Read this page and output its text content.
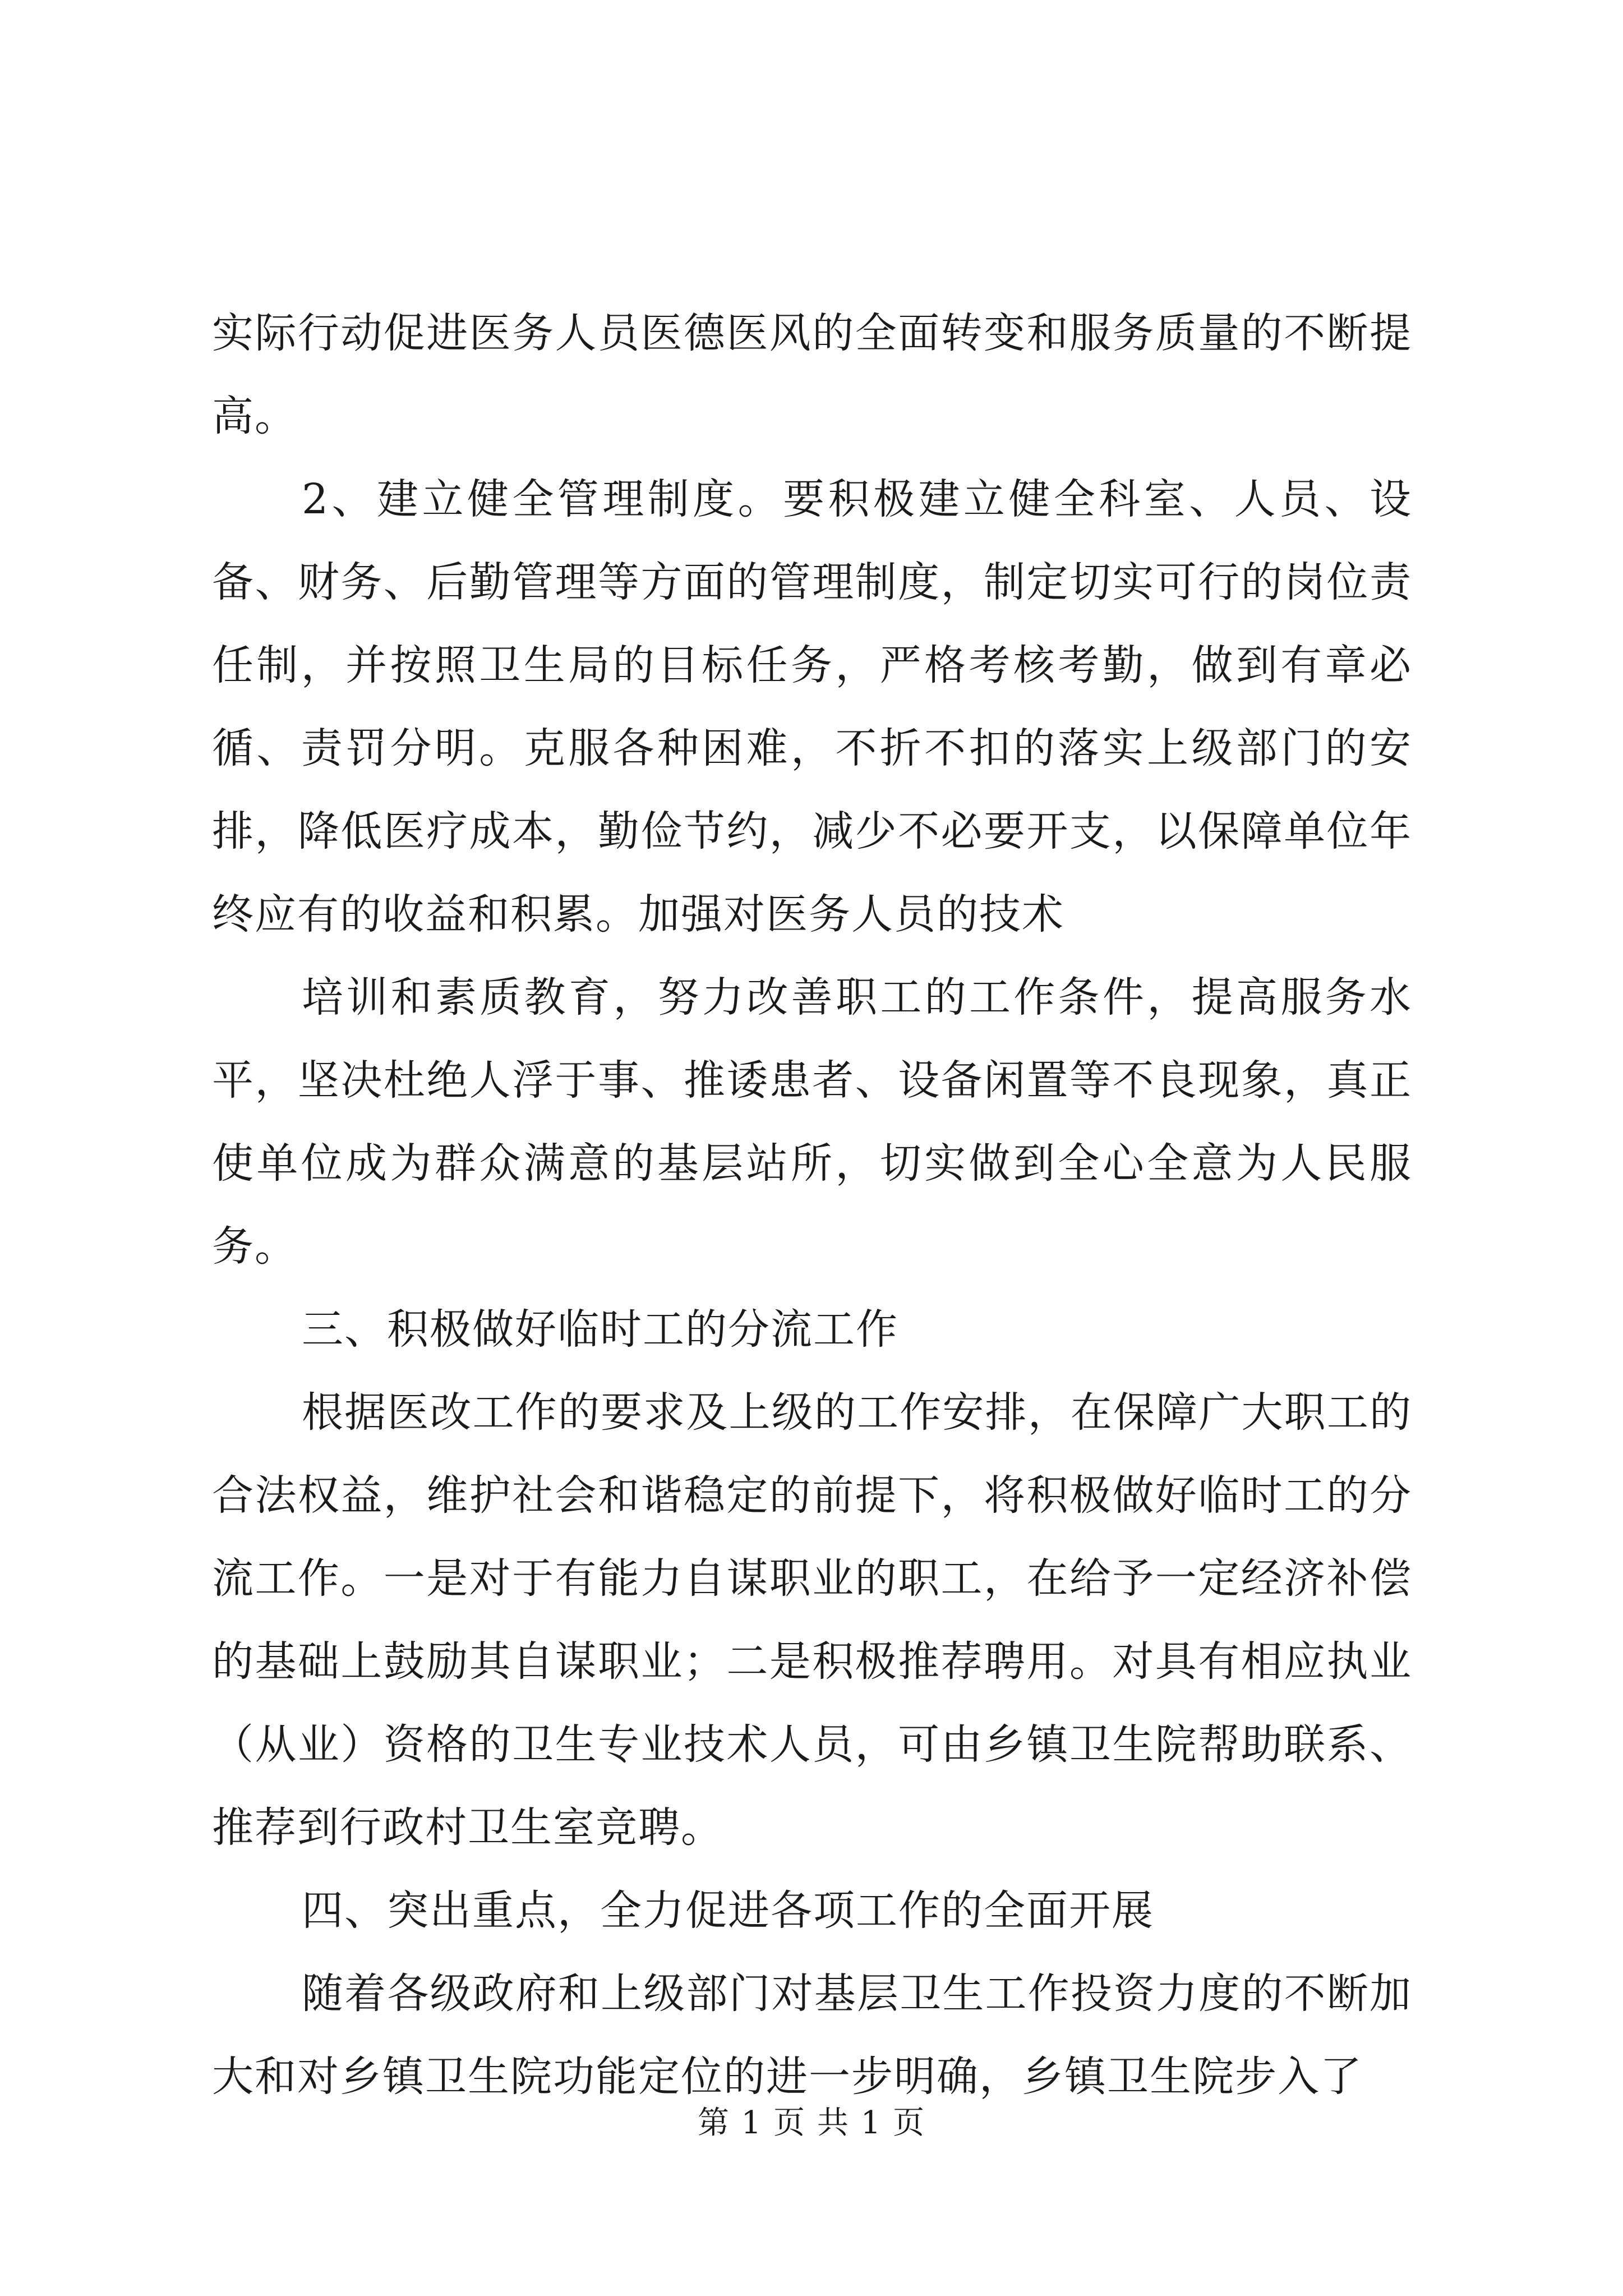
实际行动促进医务人员医德医风的全面转变和服务质量的不断提高。

2、建立健全管理制度。要积极建立健全科室、人员、设备、财务、后勤管理等方面的管理制度，制定切实可行的岗位责任制，并按照卫生局的目标任务，严格考核考勤，做到有章必循、责罚分明。克服各种困难，不折不扣的落实上级部门的安排，降低医疗成本，勤俭节约，减少不必要开支，以保障单位年终应有的收益和积累。加强对医务人员的技术

培训和素质教育，努力改善职工的工作条件，提高服务水平，坚决杜绝人浮于事、推诿患者、设备闲置等不良现象，真正使单位成为群众满意的基层站所，切实做到全心全意为人民服务。

三、积极做好临时工的分流工作

根据医改工作的要求及上级的工作安排，在保障广大职工的合法权益，维护社会和谐稳定的前提下，将积极做好临时工的分流工作。一是对于有能力自谋职业的职工，在给予一定经济补偿的基础上鼓励其自谋职业；二是积极推荐聘用。对具有相应执业（从业）资格的卫生专业技术人员，可由乡镇卫生院帮助联系、推荐到行政村卫生室竞聘。

四、突出重点，全力促进各项工作的全面开展

随着各级政府和上级部门对基层卫生工作投资力度的不断加大和对乡镇卫生院功能定位的进一步明确，乡镇卫生院步入了

第 1 页 共 1 页
